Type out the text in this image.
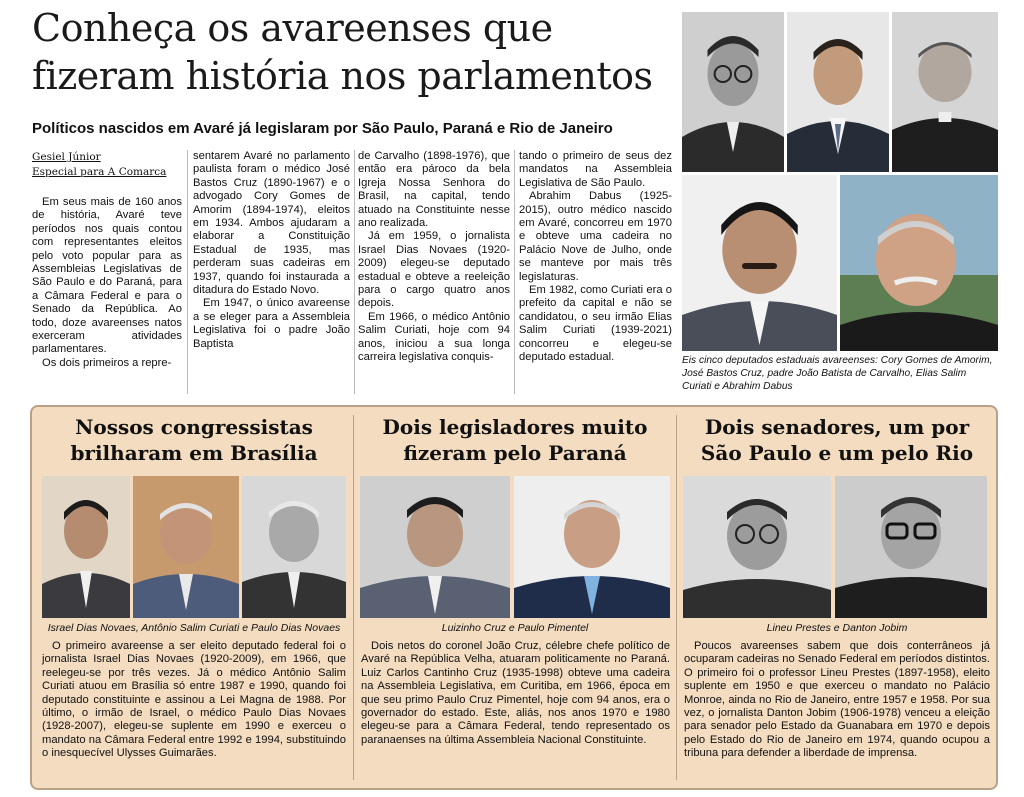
Conheça os avareenses que fizeram história nos parlamentos
Políticos nascidos em Avaré já legislaram por São Paulo, Paraná e Rio de Janeiro
Gesiel Júnior
Especial para A Comarca

Em seus mais de 160 anos de história, Avaré teve períodos nos quais contou com representantes eleitos pelo voto popular para as Assembleias Legislativas de São Paulo e do Paraná, para a Câmara Federal e para o Senado da República. Ao todo, doze avareenses natos exerceram atividades parlamentares.

Os dois primeiros a repre-

sentarem Avaré no parlamento paulista foram o médico José Bastos Cruz (1890-1967) e o advogado Cory Gomes de Amorim (1894-1974), eleitos em 1934. Ambos ajudaram a elaborar a Constituição Estadual de 1935, mas perderam suas cadeiras em 1937, quando foi instaurada a ditadura do Estado Novo.

Em 1947, o único avareense a se eleger para a Assembleia Legislativa foi o padre João Baptista

de Carvalho (1898-1976), que então era pároco da bela Igreja Nossa Senhora do Brasil, na capital, tendo atuado na Constituinte nesse ano realizada.

Já em 1959, o jornalista Israel Dias Novaes (1920-2009) elegeu-se deputado estadual e obteve a reeleição para o cargo quatro anos depois.

Em 1966, o médico Antônio Salim Curiati, hoje com 94 anos, iniciou a sua longa carreira legislativa conquis-

tando o primeiro de seus dez mandatos na Assembleia Legislativa de São Paulo.

Abrahim Dabus (1925-2015), outro médico nascido em Avaré, concorreu em 1970 e obteve uma cadeira no Palácio Nove de Julho, onde se manteve por mais três legislaturas.

Em 1982, como Curiati era o prefeito da capital e não se candidatou, o seu irmão Elias Salim Curiati (1939-2021) concorreu e elegeu-se deputado estadual.	Eis cinco deputados estaduais avareenses: Cory Gomes de Amorim, José Bastos Cruz, padre João Batista de Carvalho, Elias Salim Curiati e Abrahim Dabus

Nossos congressistas
brilharam em Brasília

Israel Dias Novaes, Antônio Salim Curiati e Paulo Dias Novaes

O primeiro avareense a ser eleito deputado federal foi o jornalista Israel Dias Novaes (1920-2009), em 1966, que reelegeu-se por três vezes. Já o médico Antônio Salim Curiati atuou em Brasília só entre 1987 e 1990, quando foi deputado constituinte e assinou a Lei Magna de 1988. Por último, o irmão de Israel, o médico Paulo Dias Novaes (1928-2007), elegeu-se suplente em 1990 e exerceu o mandato na Câmara Federal entre 1992 e 1994, substituindo o inesquecível Ulysses Guimarães.

Dois legisladores muito
fizeram pelo Paraná

Luizinho Cruz e Paulo Pimentel

Dois netos do coronel João Cruz, célebre chefe político de Avaré na República Velha, atuaram politicamente no Paraná. Luiz Carlos Cantinho Cruz (1935-1998) obteve uma cadeira na Assembleia Legislativa, em Curitiba, em 1966, época em que seu primo Paulo Cruz Pimentel, hoje com 94 anos, era o governador do estado. Este, aliás, nos anos 1970 e 1980 elegeu-se para a Câmara Federal, tendo representado os paranaenses na última Assembleia Nacional Constituinte.

Dois senadores, um por
São Paulo e um pelo Rio

Lineu Prestes e Danton Jobim

Poucos avareenses sabem que dois conterrâneos já ocuparam cadeiras no Senado Federal em períodos distintos. O primeiro foi o professor Lineu Prestes (1897-1958), eleito suplente em 1950 e que exerceu o mandato no Palácio Monroe, ainda no Rio de Janeiro, entre 1957 e 1958. Por sua vez, o jornalista Danton Jobim (1906-1978) venceu a eleição para senador pelo Estado da Guanabara em 1970 e depois pelo Estado do Rio de Janeiro em 1974, quando ocupou a tribuna para defender a liberdade de imprensa.
